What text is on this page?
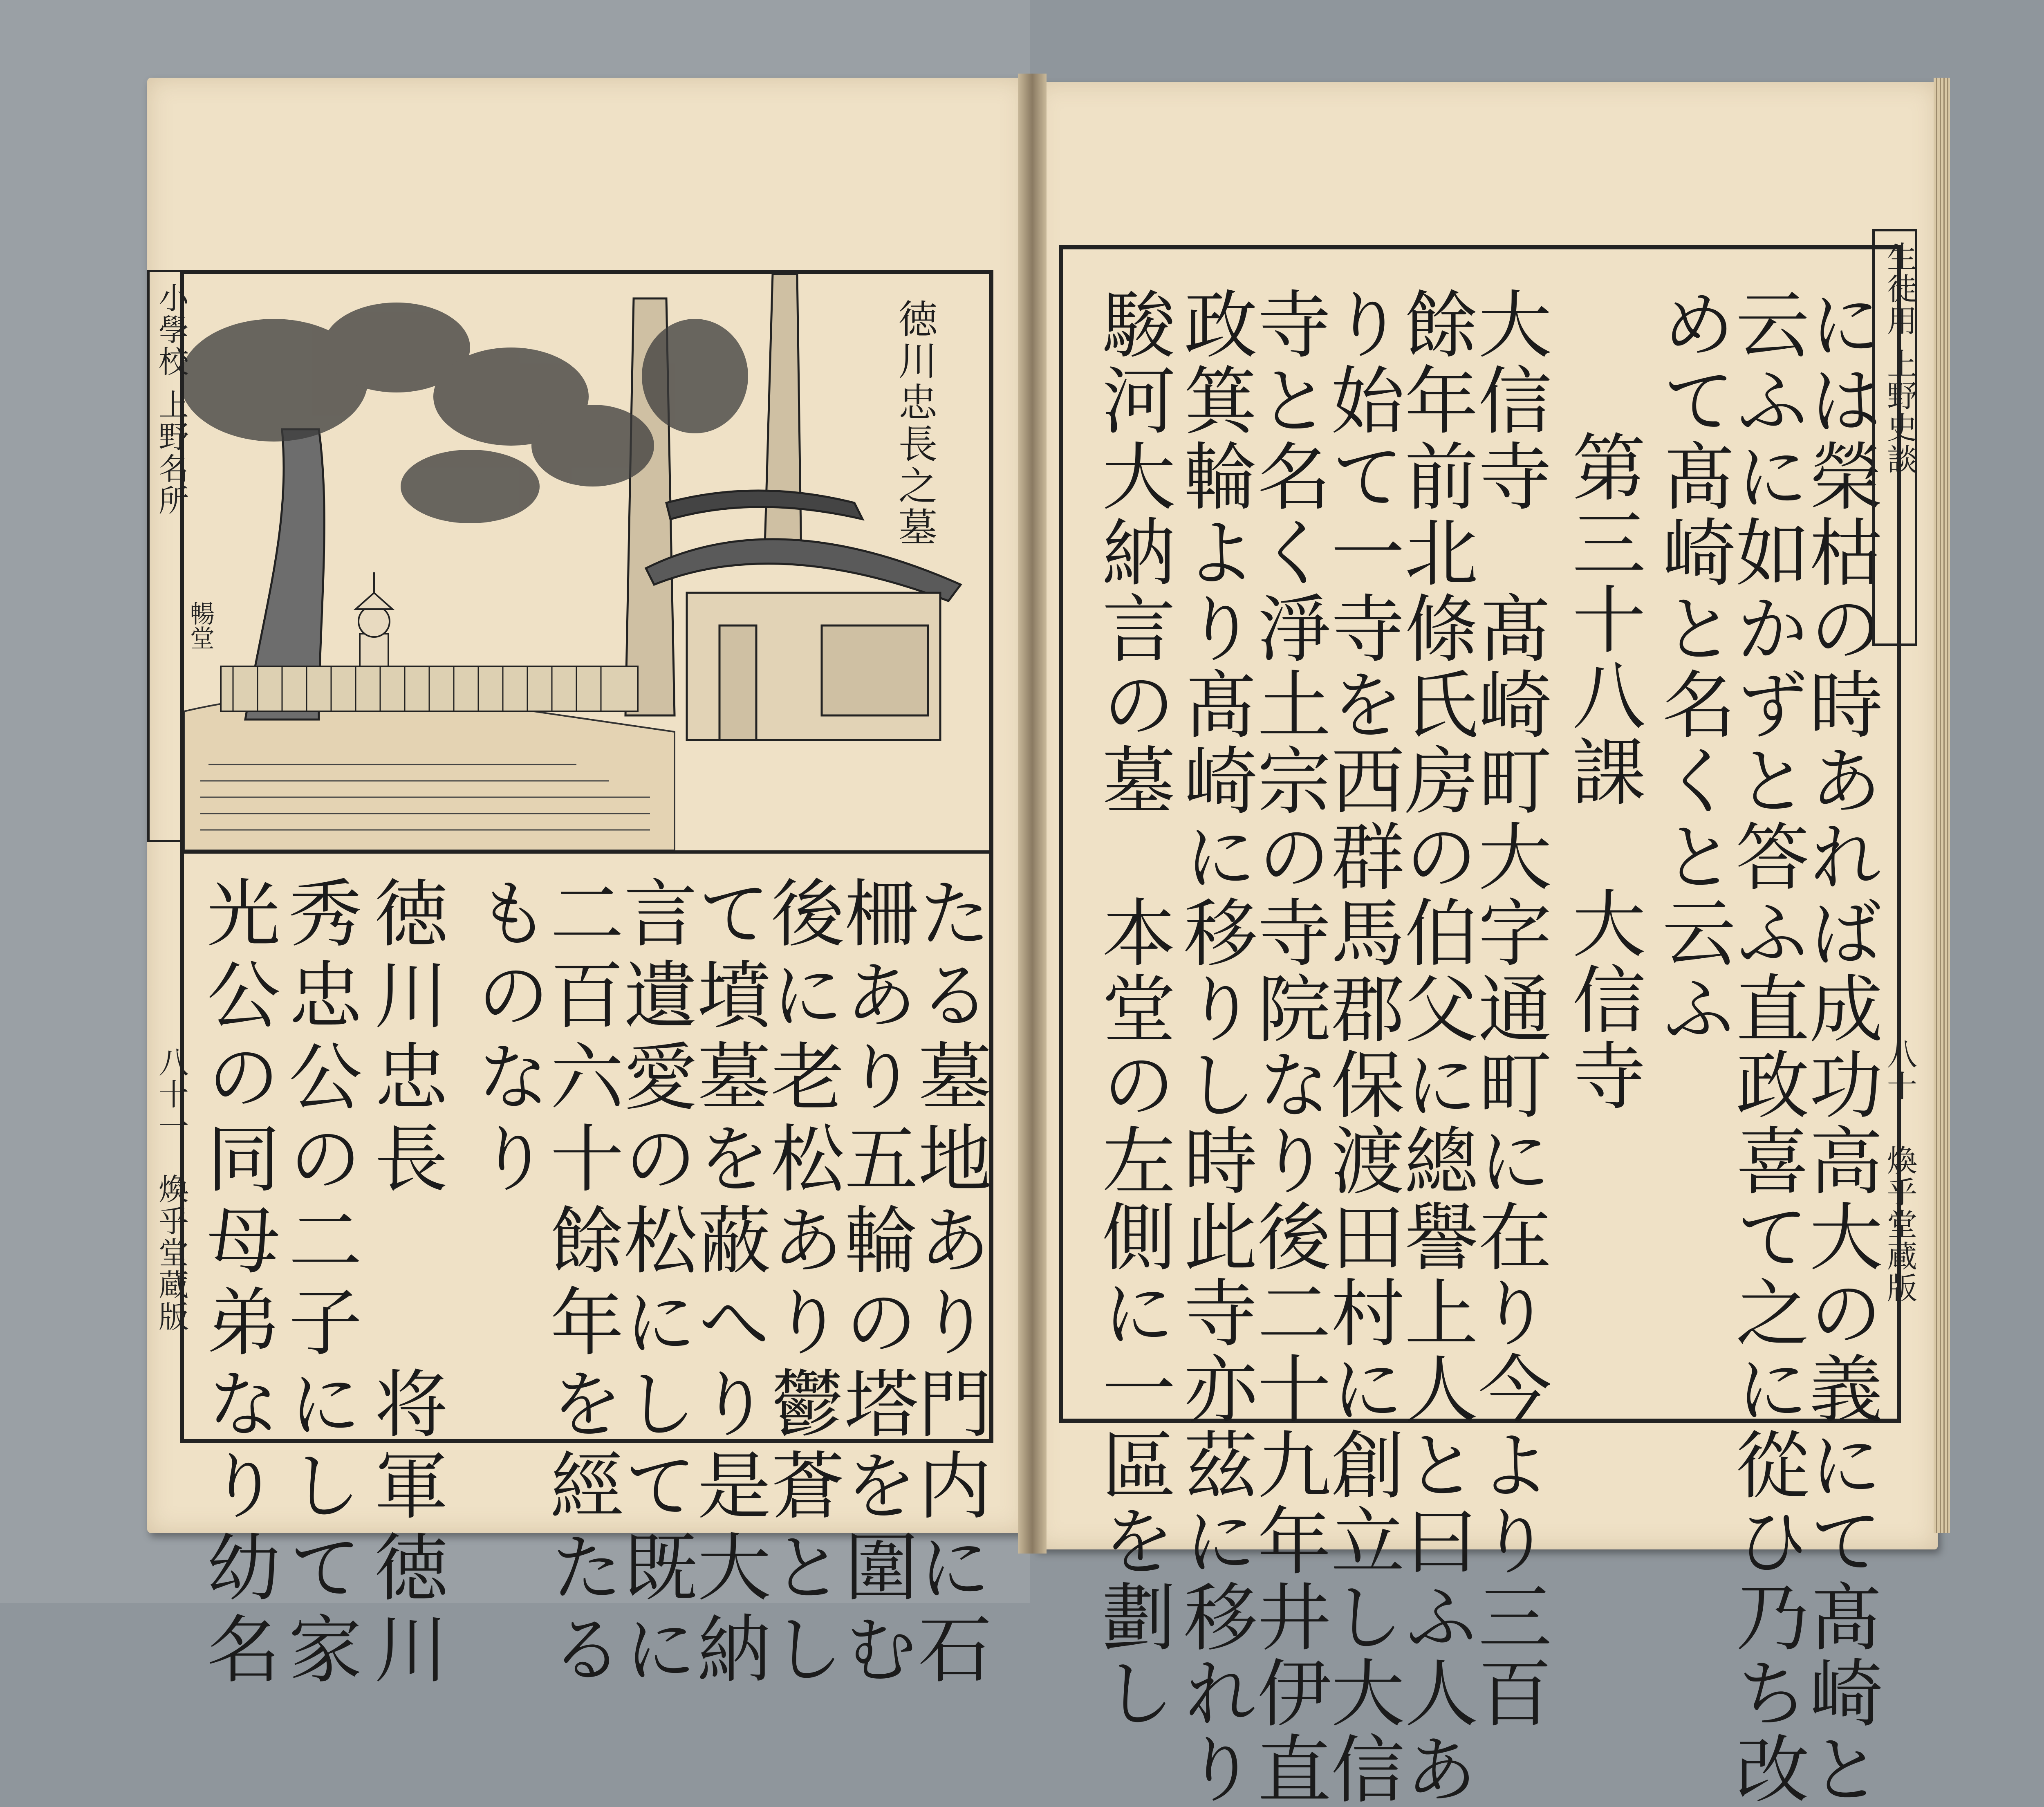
暢堂
徳川忠長之墓
小學校 上野名所
八十一
煥乎堂蔵版	たる墓地あり門内に石
柵あり五輪の塔を圍む
後に老松あり鬱蒼とし
て墳墓を蔽へり是大納
言遺愛の松にして既に
二百六十餘年を經たる
ものなり
徳川忠長　　将軍徳川
秀忠公の二子にして家
光公の同母弟なり幼名	には榮枯の時あれば成功高大の義にて髙崎と
云ふに如かずと答ふ直政喜て之に從ひ乃ち改
めて髙崎と名くと云ふ
第三十八課　大信寺
大信寺　髙崎町大字通町に在り今より三百
餘年前北條氏房の伯父に總譽上人と曰ふ人あ
り始て一寺を西群馬郡保渡田村に創立し大信
寺と名く淨土宗の寺院なり後二十九年井伊直
政箕輪より髙崎に移りし時此寺亦茲に移れり
駿河大納言の墓　本堂の左側に一區を劃し	生徒用 上野史談
八十
煥乎堂蔵版
